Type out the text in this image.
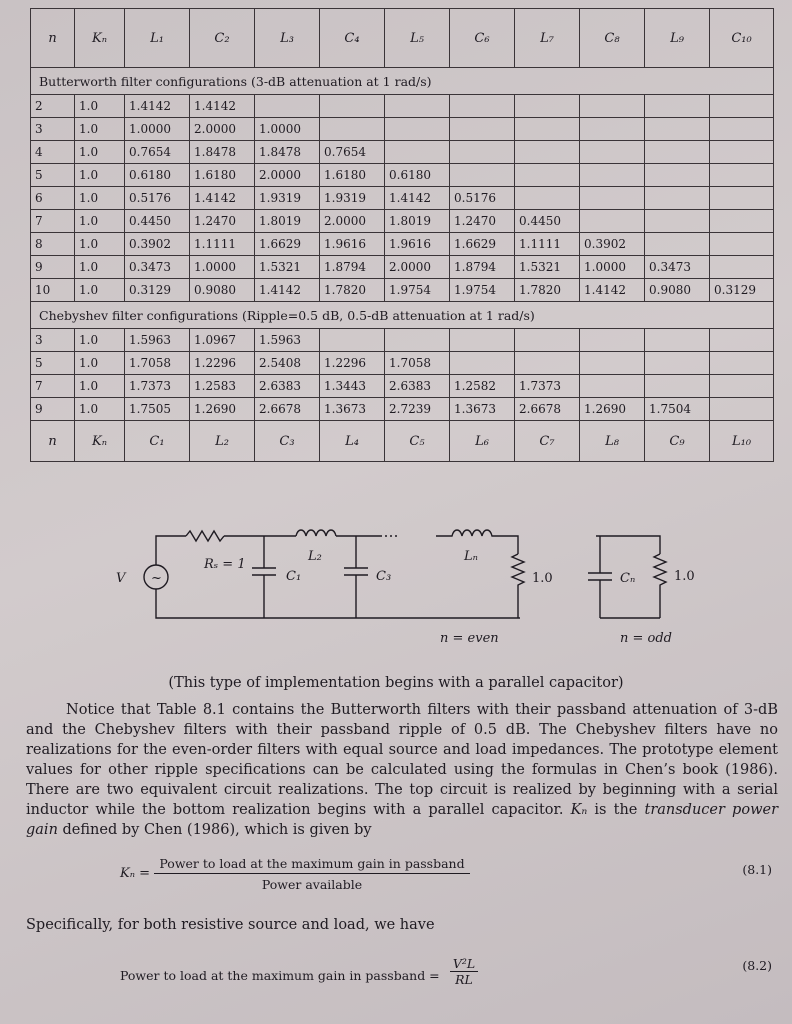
n	Kₙ	L₁	C₂	L₃	C₄	L₅	C₆	L₇	C₈	L₉	C₁₀
Butterworth filter configurations (3-dB attenuation at 1 rad/s)
2	1.0	1.4142	1.4142
3	1.0	1.0000	2.0000	1.0000
4	1.0	0.7654	1.8478	1.8478	0.7654
5	1.0	0.6180	1.6180	2.0000	1.6180	0.6180
6	1.0	0.5176	1.4142	1.9319	1.9319	1.4142	0.5176
7	1.0	0.4450	1.2470	1.8019	2.0000	1.8019	1.2470	0.4450
8	1.0	0.3902	1.1111	1.6629	1.9616	1.9616	1.6629	1.1111	0.3902
9	1.0	0.3473	1.0000	1.5321	1.8794	2.0000	1.8794	1.5321	1.0000	0.3473
10	1.0	0.3129	0.9080	1.4142	1.7820	1.9754	1.9754	1.7820	1.4142	0.9080	0.3129
Chebyshev filter configurations (Ripple=0.5 dB, 0.5-dB attenuation at 1 rad/s)
3	1.0	1.5963	1.0967	1.5963
5	1.0	1.7058	1.2296	2.5408	1.2296	1.7058
7	1.0	1.7373	1.2583	2.6383	1.3443	2.6383	1.2582	1.7373
9	1.0	1.7505	1.2690	2.6678	1.3673	2.7239	1.3673	2.6678	1.2690	1.7504
n	Kₙ	C₁	L₂	C₃	L₄	C₅	L₆	C₇	L₈	C₉	L₁₀
V ~
Rₛ = 1
C₁
L₂
C₃
Lₙ
1.0	Cₙ	1.0
n = even	n = odd
(This type of implementation begins with a parallel capacitor)

Notice that Table 8.1 contains the Butterworth filters with their passband attenuation of 3-dB and the Chebyshev filters with their passband ripple of 0.5 dB. The Chebyshev filters have no realizations for the even-order filters with equal source and load impedances. The prototype element values for other ripple specifications can be calculated using the formulas in Chen’s book (1986). There are two equivalent circuit realizations. The top circuit is realized by beginning with a serial inductor while the bottom realization begins with a parallel capacitor. Kₙ is the transducer power gain defined by Chen (1986), which is given by

Kₙ =
Power to load at the maximum gain in passband
Power available
(8.1)
Specifically, for both resistive source and load, we have
Power to load at the maximum gain in passband = $\frac{\text{V²L}}{RL}$	(8.2)
